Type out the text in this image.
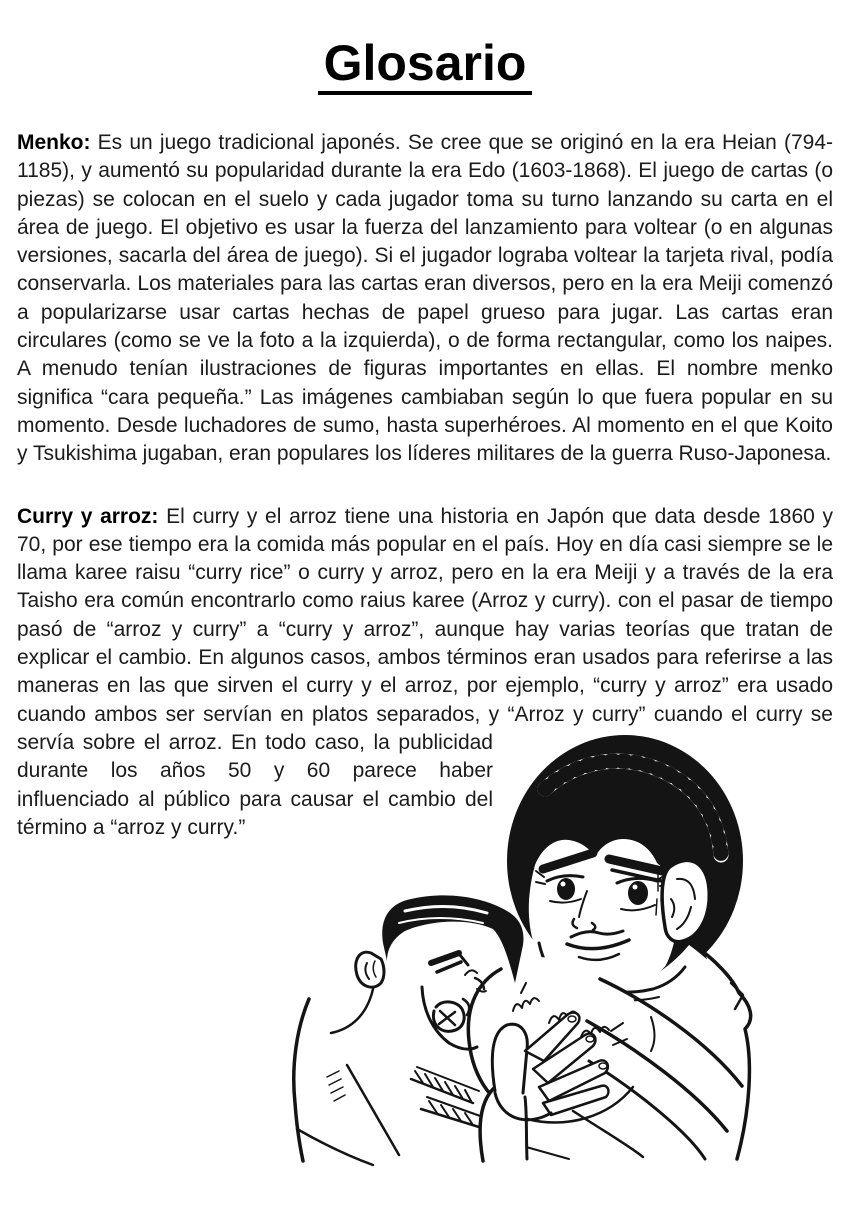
Glosario

Menko: Es un juego tradicional japonés. Se cree que se originó en la era Heian (794-1185), y aumentó su popularidad durante la era Edo (1603-1868). El juego de cartas (o piezas) se colocan en el suelo y cada jugador toma su turno lanzando su carta en el área de juego. El objetivo es usar la fuerza del lanzamiento para voltear (o en algunas versiones, sacarla del área de juego). Si el jugador lograba voltear la tarjeta rival, podía conservarla. Los materiales para las cartas eran diversos, pero en la era Meiji comenzó a popularizarse usar cartas hechas de papel grueso para jugar. Las cartas eran circulares (como se ve la foto a la izquierda), o de forma rectangular, como los naipes. A menudo tenían ilustraciones de figuras importantes en ellas. El nombre menko significa “cara pequeña.” Las imágenes cambiaban según lo que fuera popular en su momento. Desde luchadores de sumo, hasta superhéroes. Al momento en el que Koito y Tsukishima jugaban, eran populares los líderes militares de la guerra Ruso-Japonesa.

Curry y arroz: El curry y el arroz tiene una historia en Japón que data desde 1860 y 70, por ese tiempo era la comida más popular en el país. Hoy en día casi siempre se le llama karee raisu “curry rice” o curry y arroz, pero en la era Meiji y a través de la era Taisho era común encontrarlo como raius karee (Arroz y curry). con el pasar de tiempo pasó de “arroz y curry” a “curry y arroz”, aunque hay varias teorías que tratan de explicar el cambio. En algunos casos, ambos términos eran usados para referirse a las maneras en las que sirven el curry y el arroz, por ejemplo, “curry y arroz” era usado cuando ambos ser servían en platos separados, y “Arroz y curry” cuando el curry se servía sobre el arroz. En todo caso, la publicidad durante los años 50 y 60 parece haber influenciado al público para causar el cambio del término a “arroz y curry.”
